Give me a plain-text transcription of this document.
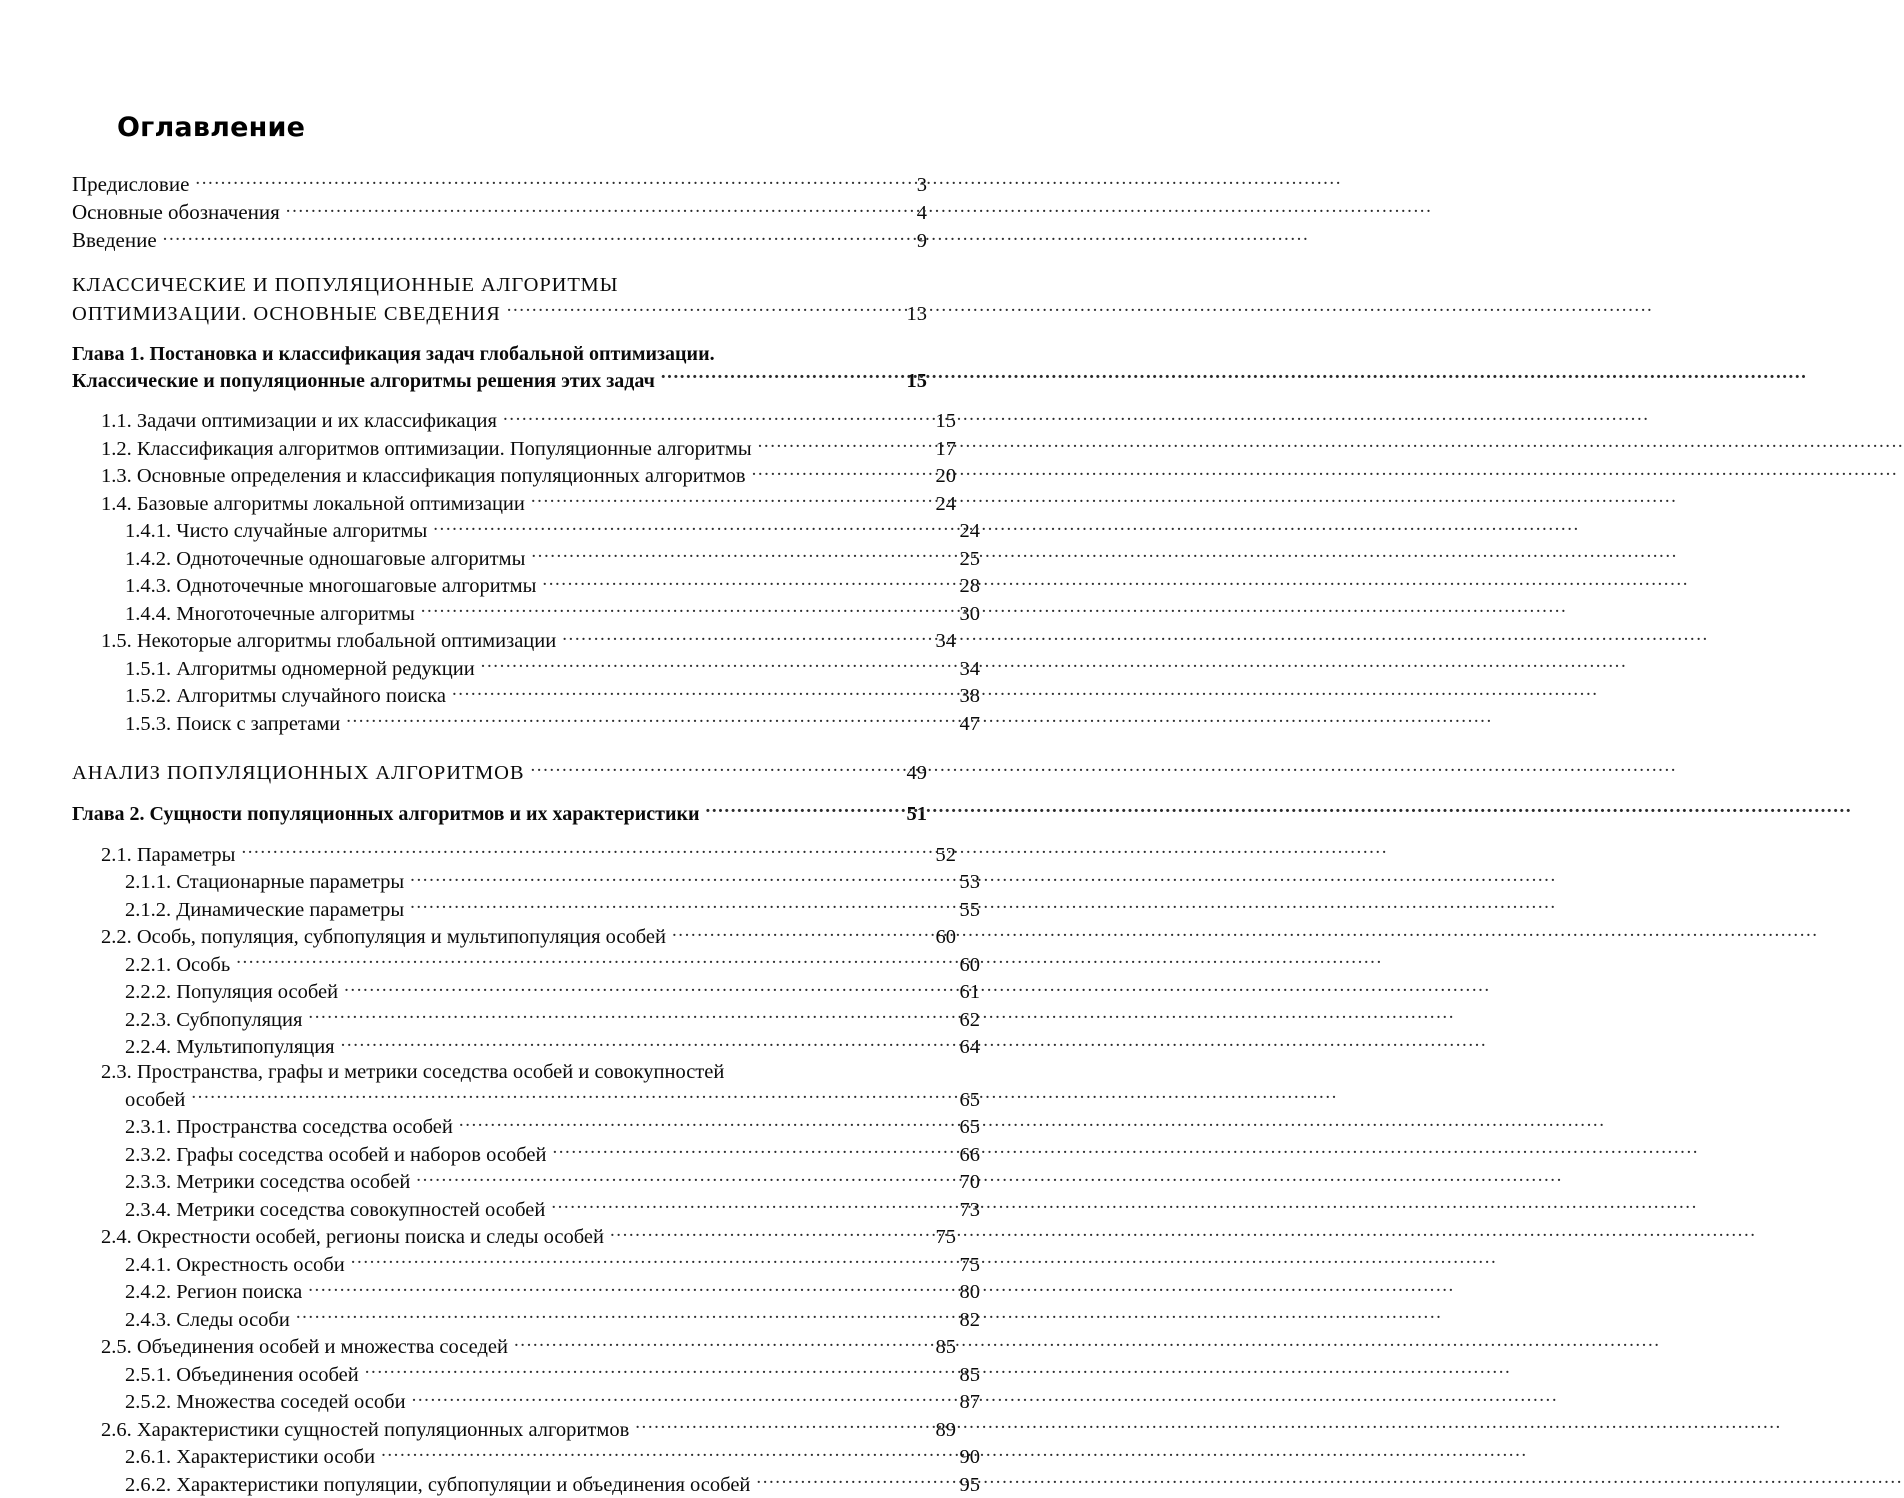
Оглавление
Предисловие .....	3
Основные обозначения .....	4
Введение .....	9
КЛАССИЧЕСКИЕ И ПОПУЛЯЦИОННЫЕ АЛГОРИТМЫ
ОПТИМИЗАЦИИ. ОСНОВНЫЕ СВЕДЕНИЯ .....	13
Глава 1. Постановка и классификация задач глобальной оптимизации.
Классические и популяционные алгоритмы решения этих задач .....	15
1.1. Задачи оптимизации и их классификация .....	15
1.2. Классификация алгоритмов оптимизации. Популяционные алгоритмы .....	17
1.3. Основные определения и классификация популяционных алгоритмов .....	20
1.4. Базовые алгоритмы локальной оптимизации .....	24
1.4.1. Чисто случайные алгоритмы .....	24
1.4.2. Одноточечные одношаговые алгоритмы .....	25
1.4.3. Одноточечные многошаговые алгоритмы .....	28
1.4.4. Многоточечные алгоритмы .....	30
1.5. Некоторые алгоритмы глобальной оптимизации .....	34
1.5.1. Алгоритмы одномерной редукции .....	34
1.5.2. Алгоритмы случайного поиска .....	38
1.5.3. Поиск с запретами .....	47
АНАЛИЗ ПОПУЛЯЦИОННЫХ АЛГОРИТМОВ .....	49
Глава 2. Сущности популяционных алгоритмов и их характеристики .....	51
2.1. Параметры .....	52
2.1.1. Стационарные параметры .....	53
2.1.2. Динамические параметры .....	55
2.2. Особь, популяция, субпопуляция и мультипопуляция особей .....	60
2.2.1. Особь .....	60
2.2.2. Популяция особей .....	61
2.2.3. Субпопуляция .....	62
2.2.4. Мультипопуляция .....	64
2.3. Пространства, графы и метрики соседства особей и совокупностей
особей .....	65
2.3.1. Пространства соседства особей .....	65
2.3.2. Графы соседства особей и наборов особей .....	66
2.3.3. Метрики соседства особей .....	70
2.3.4. Метрики соседства совокупностей особей .....	73
2.4. Окрестности особей, регионы поиска и следы особей .....	75
2.4.1. Окрестность особи .....	75
2.4.2. Регион поиска .....	80
2.4.3. Следы особи .....	82
2.5. Объединения особей и множества соседей .....	85
2.5.1. Объединения особей .....	85
2.5.2. Множества соседей особи .....	87
2.6. Характеристики сущностей популяционных алгоритмов .....	89
2.6.1. Характеристики особи .....	90
2.6.2. Характеристики популяции, субпопуляции и объединения особей .....	95
